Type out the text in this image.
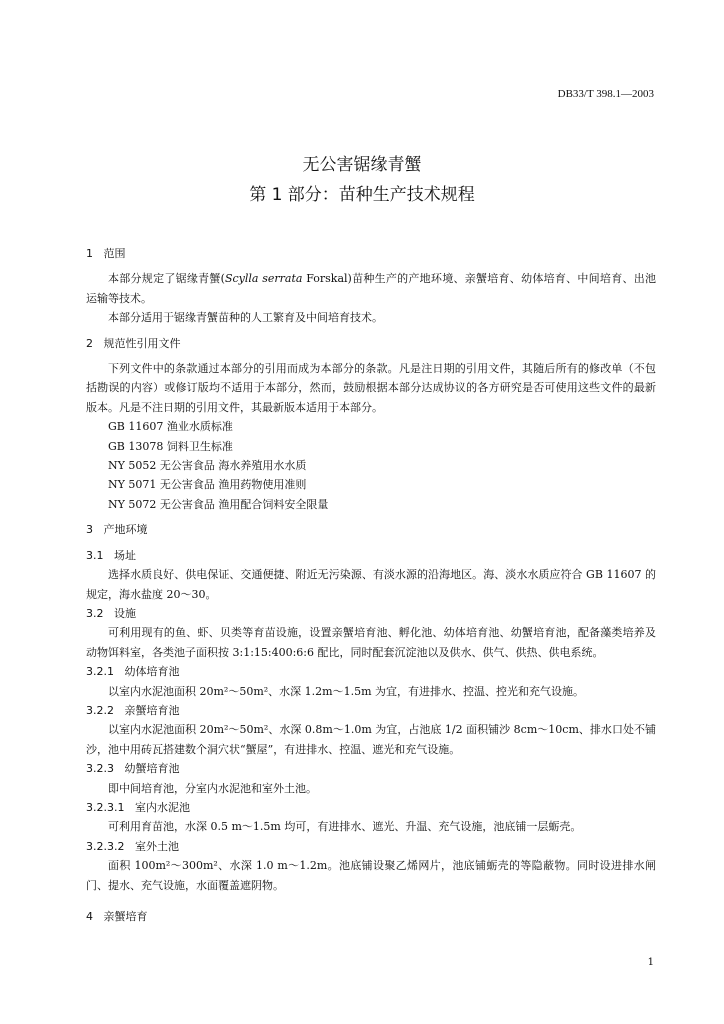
DB33/T 398.1—2003
无公害锯缘青蟹
第 1 部分：苗种生产技术规程

1 范围

本部分规定了锯缘青蟹(Scylla serrata Forskal)苗种生产的产地环境、亲蟹培育、幼体培育、中间培育、出池运输等技术。

本部分适用于锯缘青蟹苗种的人工繁育及中间培育技术。

2 规范性引用文件

下列文件中的条款通过本部分的引用而成为本部分的条款。凡是注日期的引用文件，其随后所有的修改单（不包括勘误的内容）或修订版均不适用于本部分，然而，鼓励根据本部分达成协议的各方研究是否可使用这些文件的最新版本。凡是不注日期的引用文件，其最新版本适用于本部分。

GB 11607 渔业水质标准

GB 13078 饲料卫生标准

NY 5052 无公害食品 海水养殖用水水质

NY 5071 无公害食品 渔用药物使用准则

NY 5072 无公害食品 渔用配合饲料安全限量

3 产地环境

3.1 场址

选择水质良好、供电保证、交通便捷、附近无污染源、有淡水源的沿海地区。海、淡水水质应符合 GB 11607 的规定，海水盐度 20～30。

3.2 设施

可利用现有的鱼、虾、贝类等育苗设施，设置亲蟹培育池、孵化池、幼体培育池、幼蟹培育池，配备藻类培养及动物饵料室，各类池子面积按 3:1:15:400:6:6 配比，同时配套沉淀池以及供水、供气、供热、供电系统。

3.2.1 幼体培育池

以室内水泥池面积 20m²～50m²、水深 1.2m～1.5m 为宜，有进排水、控温、控光和充气设施。

3.2.2 亲蟹培育池

以室内水泥池面积 20m²～50m²、水深 0.8m～1.0m 为宜，占池底 1/2 面积铺沙 8cm～10cm、排水口处不铺沙，池中用砖瓦搭建数个洞穴状“蟹屋”，有进排水、控温、遮光和充气设施。

3.2.3 幼蟹培育池

即中间培育池，分室内水泥池和室外土池。

3.2.3.1 室内水泥池

可利用育苗池，水深 0.5 m～1.5m 均可，有进排水、遮光、升温、充气设施，池底铺一层蛎壳。

3.2.3.2 室外土池

面积 100m²～300m²、水深 1.0 m～1.2m。池底铺设聚乙烯网片，池底铺蛎壳的等隐蔽物。同时设进排水闸门、提水、充气设施，水面覆盖遮阴物。

4 亲蟹培育

1
